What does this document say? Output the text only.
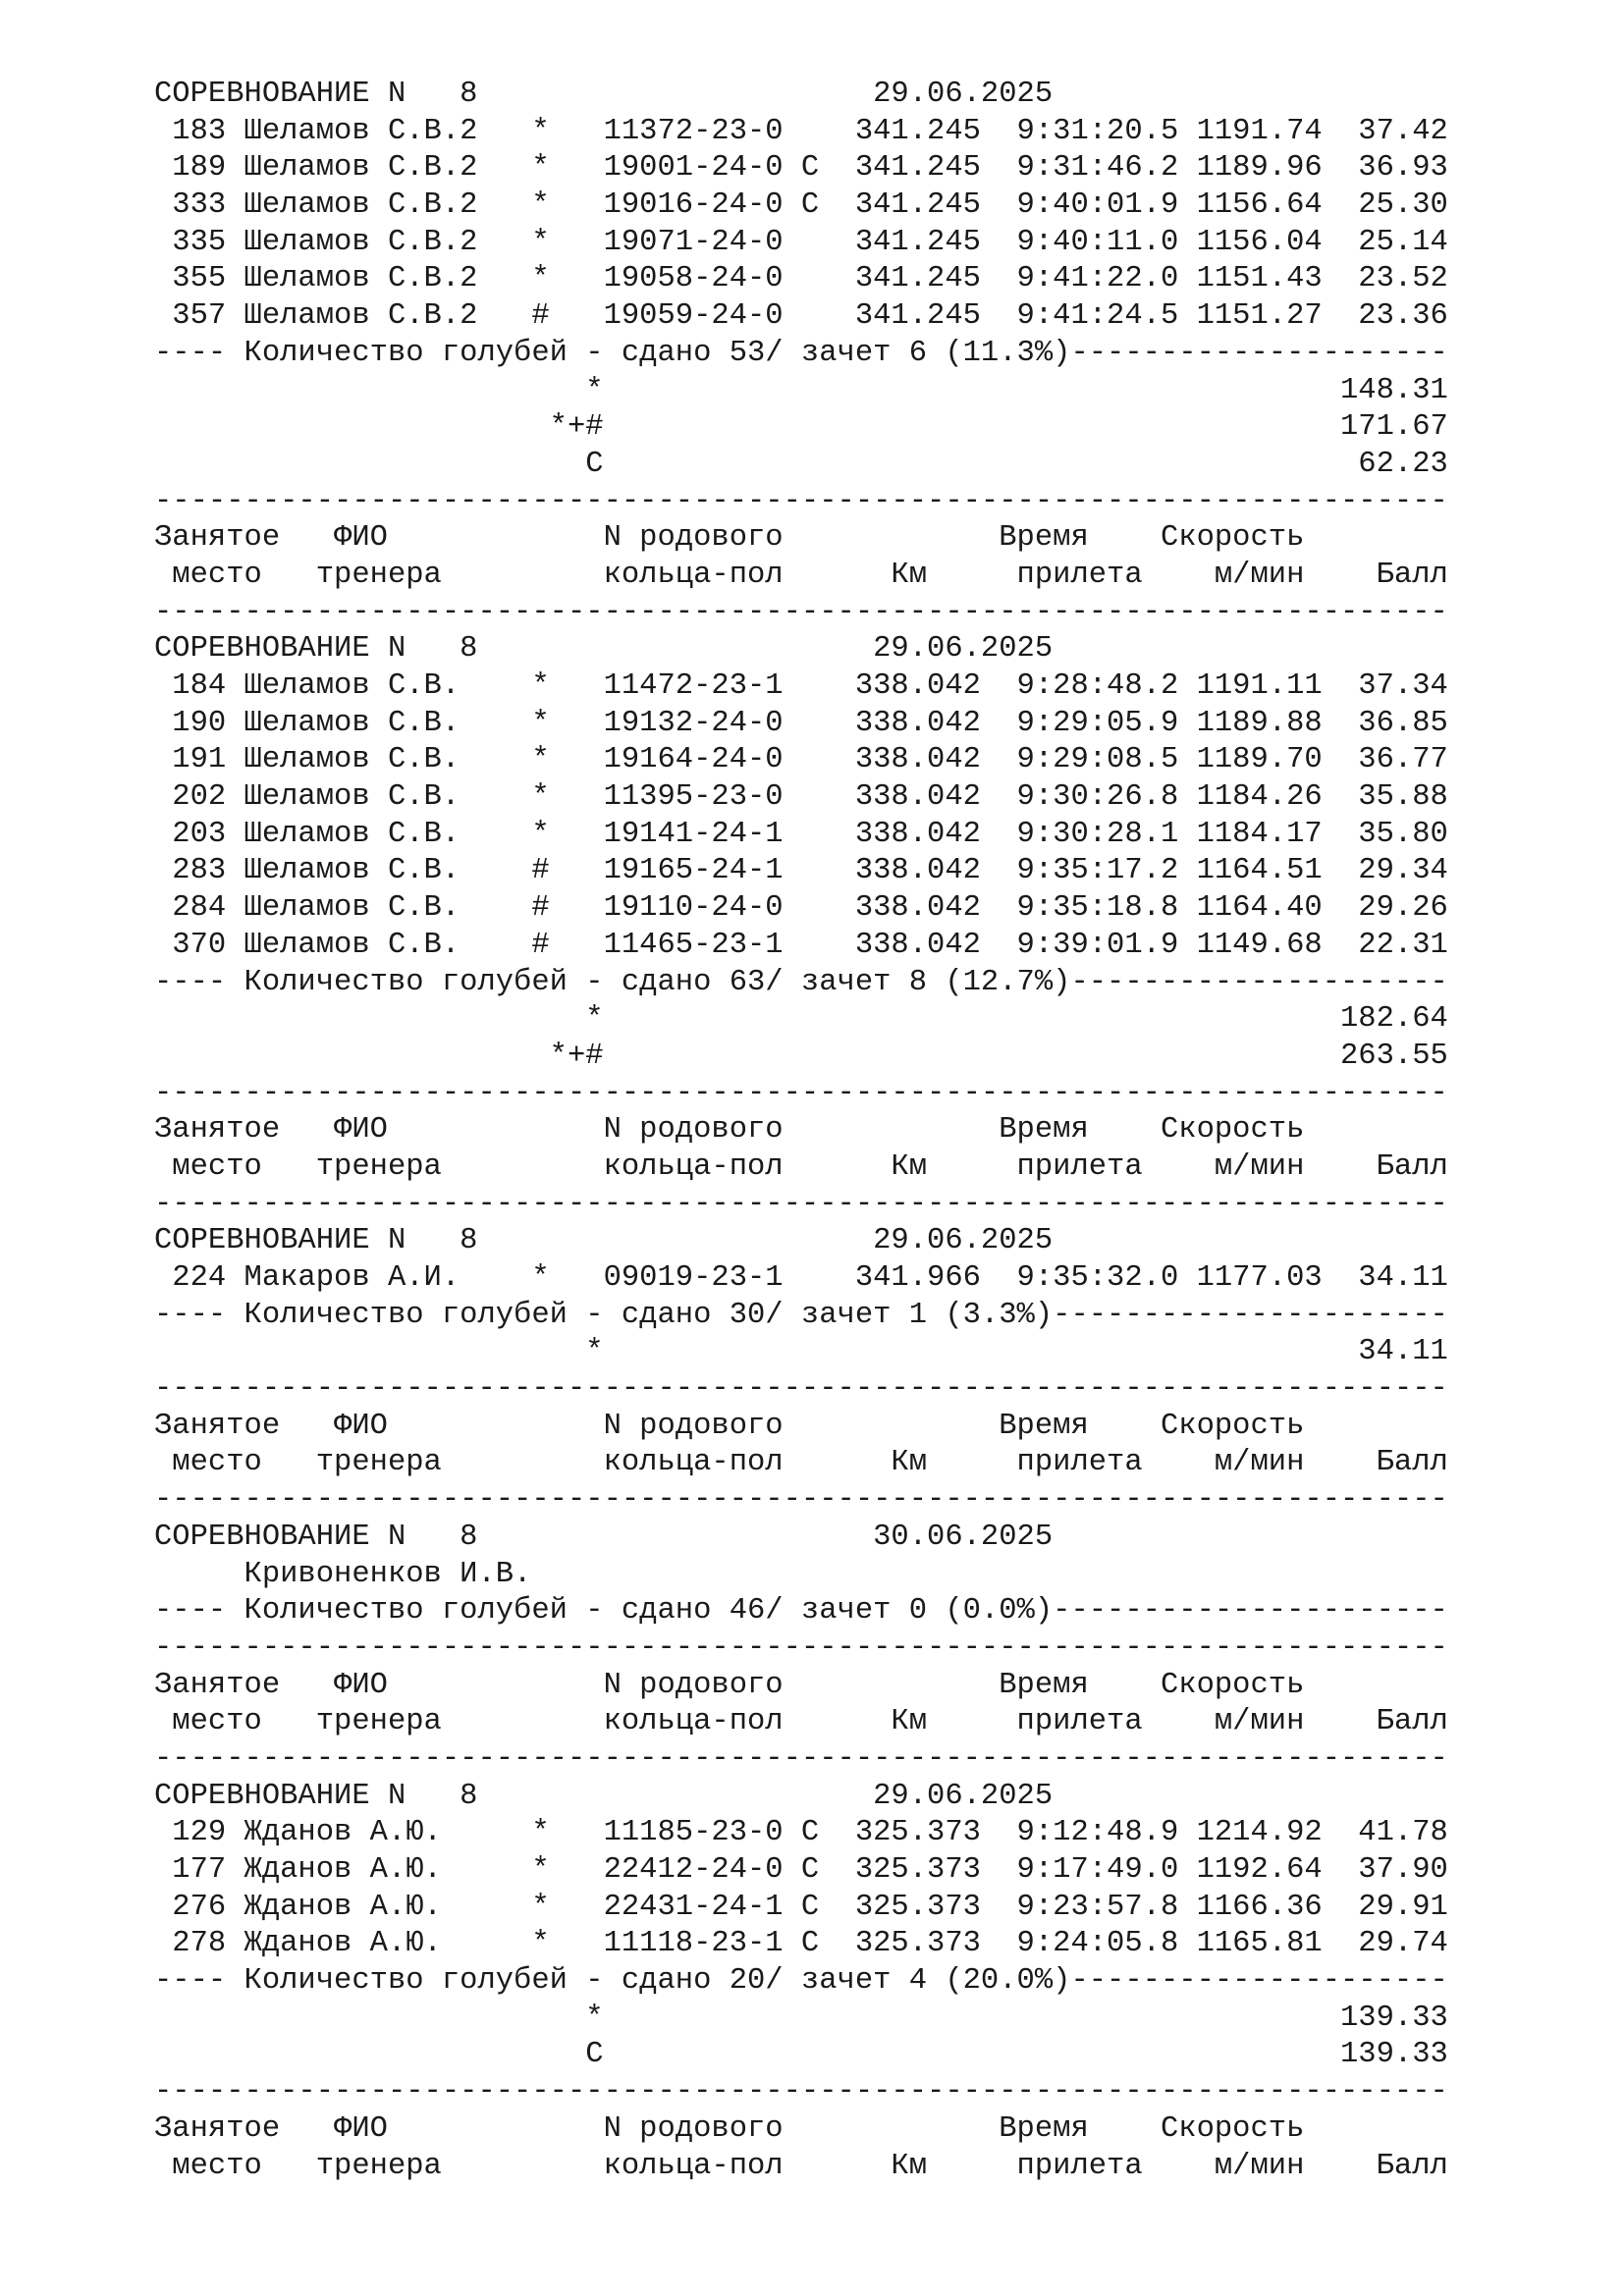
СОРЕВНОВАНИЕ N   8                      29.06.2025
183 Шеламов С.В.2   *   11372-23-0    341.245  9:31:20.5 1191.74  37.42
189 Шеламов С.В.2   *   19001-24-0 С  341.245  9:31:46.2 1189.96  36.93
333 Шеламов С.В.2   *   19016-24-0 С  341.245  9:40:01.9 1156.64  25.30
335 Шеламов С.В.2   *   19071-24-0    341.245  9:40:11.0 1156.04  25.14
355 Шеламов С.В.2   *   19058-24-0    341.245  9:41:22.0 1151.43  23.52
357 Шеламов С.В.2   #   19059-24-0    341.245  9:41:24.5 1151.27  23.36
---- Количество голубей - сдано 53/ зачет 6 (11.3%)---------------------
*                                         148.31
*+#                                         171.67
С                                          62.23
------------------------------------------------------------------------
Занятое   ФИО            N родового            Время    Скорость
место   тренера         кольца-пол      Км     прилета    м/мин    Балл
------------------------------------------------------------------------
СОРЕВНОВАНИЕ N   8                      29.06.2025
184 Шеламов С.В.    *   11472-23-1    338.042  9:28:48.2 1191.11  37.34
190 Шеламов С.В.    *   19132-24-0    338.042  9:29:05.9 1189.88  36.85
191 Шеламов С.В.    *   19164-24-0    338.042  9:29:08.5 1189.70  36.77
202 Шеламов С.В.    *   11395-23-0    338.042  9:30:26.8 1184.26  35.88
203 Шеламов С.В.    *   19141-24-1    338.042  9:30:28.1 1184.17  35.80
283 Шеламов С.В.    #   19165-24-1    338.042  9:35:17.2 1164.51  29.34
284 Шеламов С.В.    #   19110-24-0    338.042  9:35:18.8 1164.40  29.26
370 Шеламов С.В.    #   11465-23-1    338.042  9:39:01.9 1149.68  22.31
---- Количество голубей - сдано 63/ зачет 8 (12.7%)---------------------
*                                         182.64
*+#                                         263.55
------------------------------------------------------------------------
Занятое   ФИО            N родового            Время    Скорость
место   тренера         кольца-пол      Км     прилета    м/мин    Балл
------------------------------------------------------------------------
СОРЕВНОВАНИЕ N   8                      29.06.2025
224 Макаров А.И.    *   09019-23-1    341.966  9:35:32.0 1177.03  34.11
---- Количество голубей - сдано 30/ зачет 1 (3.3%)----------------------
*                                          34.11
------------------------------------------------------------------------
Занятое   ФИО            N родового            Время    Скорость
место   тренера         кольца-пол      Км     прилета    м/мин    Балл
------------------------------------------------------------------------
СОРЕВНОВАНИЕ N   8                      30.06.2025
Кривоненков И.В.
---- Количество голубей - сдано 46/ зачет 0 (0.0%)----------------------
------------------------------------------------------------------------
Занятое   ФИО            N родового            Время    Скорость
место   тренера         кольца-пол      Км     прилета    м/мин    Балл
------------------------------------------------------------------------
СОРЕВНОВАНИЕ N   8                      29.06.2025
129 Жданов А.Ю.     *   11185-23-0 С  325.373  9:12:48.9 1214.92  41.78
177 Жданов А.Ю.     *   22412-24-0 С  325.373  9:17:49.0 1192.64  37.90
276 Жданов А.Ю.     *   22431-24-1 С  325.373  9:23:57.8 1166.36  29.91
278 Жданов А.Ю.     *   11118-23-1 С  325.373  9:24:05.8 1165.81  29.74
---- Количество голубей - сдано 20/ зачет 4 (20.0%)---------------------
*                                         139.33
С                                         139.33
------------------------------------------------------------------------
Занятое   ФИО            N родового            Время    Скорость
место   тренера         кольца-пол      Км     прилета    м/мин    Балл
